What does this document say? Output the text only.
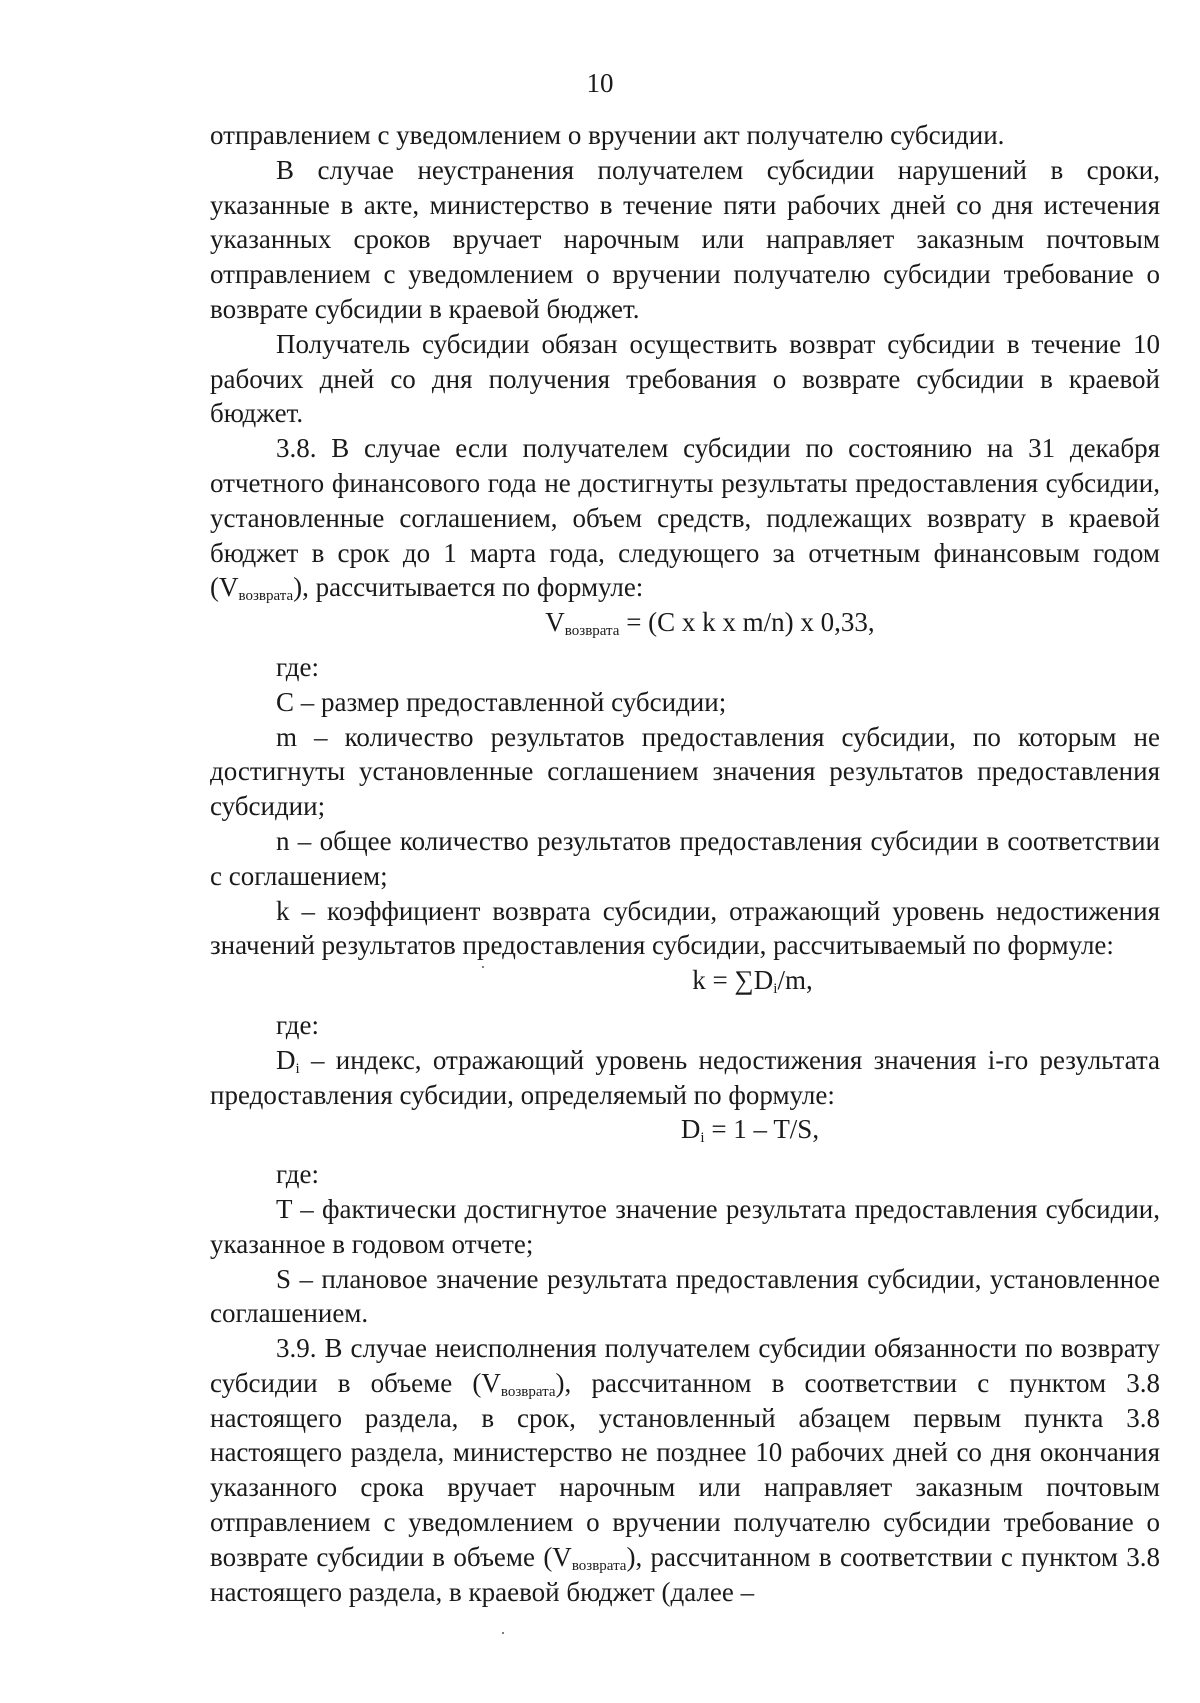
10

отправлением с уведомлением о вручении акт получателю субсидии.

В случае неустранения получателем субсидии нарушений в сроки, указанные в акте, министерство в течение пяти рабочих дней со дня истечения указанных сроков вручает нарочным или направляет заказным почтовым отправлением с уведомлением о вручении получателю субсидии требование о возврате субсидии в краевой бюджет.

Получатель субсидии обязан осуществить возврат субсидии в течение 10 рабочих дней со дня получения требования о возврате субсидии в краевой бюджет.

3.8. В случае если получателем субсидии по состоянию на 31 декабря отчетного финансового года не достигнуты результаты предоставления субсидии, установленные соглашением, объем средств, подлежащих возврату в краевой бюджет в срок до 1 марта года, следующего за отчетным финансовым годом $(V_{возврата})$, рассчитывается по формуле:

$V_{возврата} = (C$ x k x m/n) x 0,33,

где:

C – размер предоставленной субсидии;

m – количество результатов предоставления субсидии, по которым не достигнуты установленные соглашением значения результатов предоставления субсидии;

n – общее количество результатов предоставления субсидии в соответствии с соглашением;

k – коэффициент возврата субсидии, отражающий уровень недостижения значений результатов предоставления субсидии, рассчитываемый по формуле:

$k = \sum D_i/m$,

где:

$D_i$ – индекс, отражающий уровень недостижения значения i-го результата предоставления субсидии, определяемый по формуле:

$D_i = 1 - T/S$,

где:

T – фактически достигнутое значение результата предоставления субсидии, указанное в годовом отчете;

S – плановое значение результата предоставления субсидии, установленное соглашением.

3.9. В случае неисполнения получателем субсидии обязанности по возврату субсидии в объеме $(V_{возврата})$, рассчитанном в соответствии с пунктом 3.8 настоящего раздела, в срок, установленный абзацем первым пункта 3.8 настоящего раздела, министерство не позднее 10 рабочих дней со дня окончания указанного срока вручает нарочным или направляет заказным почтовым отправлением с уведомлением о вручении получателю субсидии требование о возврате субсидии в объеме $(V_{возврата})$, рассчитанном в соответствии с пунктом 3.8 настоящего раздела, в краевой бюджет (далее –
